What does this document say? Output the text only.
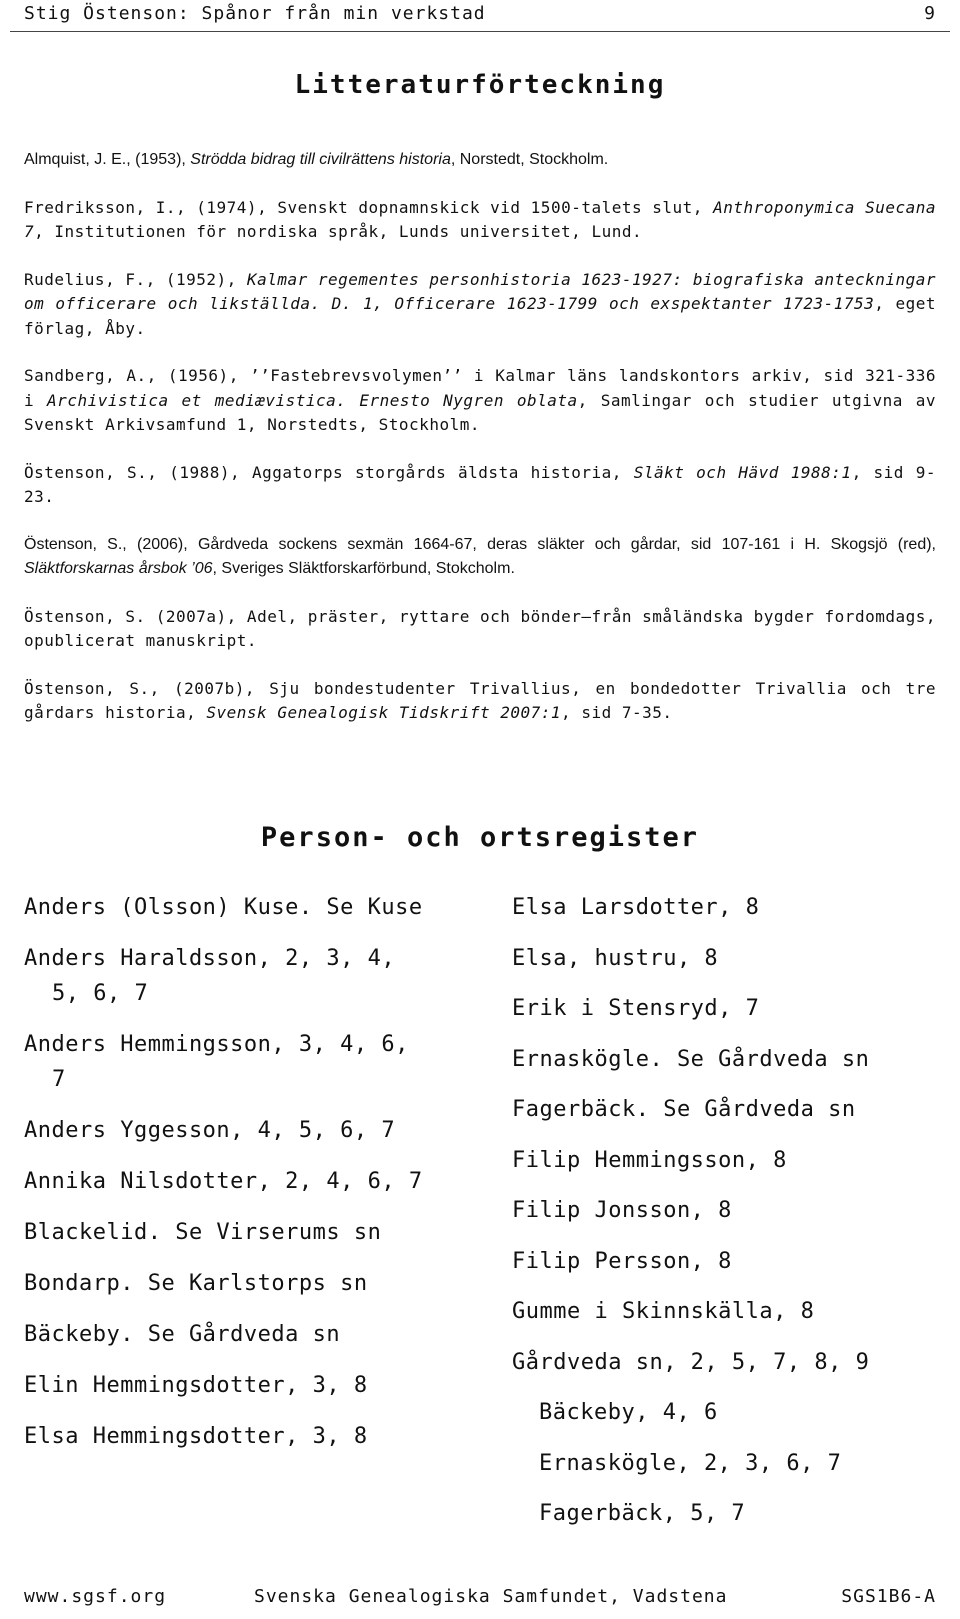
Stig Östenson: Spånor från min verkstad	9
Litteraturförteckning

Almquist, J. E., (1953), Strödda bidrag till civilrättens historia, Norstedt, Stockholm.

Fredriksson, I., (1974), Svenskt dopnamnskick vid 1500-talets slut, Anthroponymica Suecana 7, Institutionen för nordiska språk, Lunds universitet, Lund.

Rudelius, F., (1952), Kalmar regementes personhistoria 1623-1927: biografiska anteckningar om officerare och likställda. D. 1, Officerare 1623-1799 och exspektanter 1723-1753, eget förlag, Åby.

Sandberg, A., (1956), ’’Fastebrevsvolymen’’ i Kalmar läns landskontors arkiv, sid 321-336 i Archivistica et mediævistica. Ernesto Nygren oblata, Samlingar och studier utgivna av Svenskt Arkivsamfund 1, Norstedts, Stockholm.

Östenson, S., (1988), Aggatorps storgårds äldsta historia, Släkt och Hävd 1988:1, sid 9-23.

Östenson, S., (2006), Gårdveda sockens sexmän 1664-67, deras släkter och gårdar, sid 107-161 i H. Skogsjö (red), Släktforskarnas årsbok ’06, Sveriges Släktforskarförbund, Stokcholm.

Östenson, S. (2007a), Adel, präster, ryttare och bönder—från småländska bygder fordomdags, opublicerat manuskript.

Östenson, S., (2007b), Sju bondestudenter Trivallius, en bondedotter Trivallia och tre gårdars historia, Svensk Genealogisk Tidskrift 2007:1, sid 7-35.

Person- och ortsregister
Anders (Olsson) Kuse. Se Kuse
Anders Haraldsson, 2, 3, 4, 5, 6, 7
Anders Hemmingsson, 3, 4, 6, 7
Anders Yggesson, 4, 5, 6, 7
Annika Nilsdotter, 2, 4, 6, 7
Blackelid. Se Virserums sn
Bondarp. Se Karlstorps sn
Bäckeby. Se Gårdveda sn
Elin Hemmingsdotter, 3, 8
Elsa Hemmingsdotter, 3, 8
Elsa Larsdotter, 8
Elsa, hustru, 8
Erik i Stensryd, 7
Ernaskögle. Se Gårdveda sn
Fagerbäck. Se Gårdveda sn
Filip Hemmingsson, 8
Filip Jonsson, 8
Filip Persson, 8
Gumme i Skinnskälla, 8
Gårdveda sn, 2, 5, 7, 8, 9
Bäckeby, 4, 6
Ernaskögle, 2, 3, 6, 7
Fagerbäck, 5, 7
www.sgsf.org	Svenska Genealogiska Samfundet, Vadstena	SGS1B6-A
